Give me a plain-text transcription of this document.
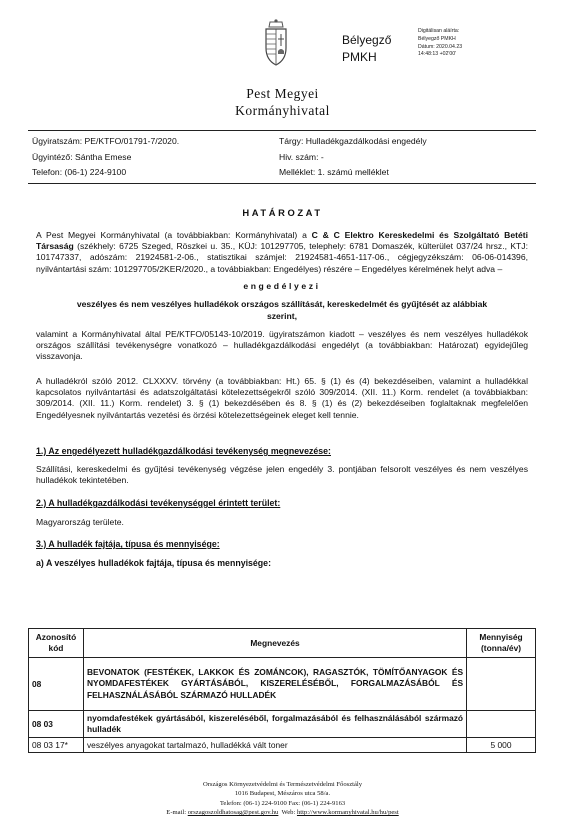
Pest Megyei
Kormányhivatal
Bélyegző
PMKH
Digitálisan aláírta:
Bélyegző PMKH
Dátum: 2020.04.23
14:48:13 +02'00'
Ügyiratszám: PE/KTFO/01791-7/2020.
Ügyintéző: Sántha Emese
Telefon: (06-1) 224-9100
Tárgy: Hulladékgazdálkodási engedély
Hiv. szám: -
Melléklet: 1. számú melléklet
HATÁROZAT
A Pest Megyei Kormányhivatal (a továbbiakban: Kormányhivatal) a C & C Elektro Kereskedelmi és Szolgáltató Betéti Társaság (székhely: 6725 Szeged, Röszkei u. 35., KÜJ: 101297705, telephely: 6781 Domaszék, külterület 037/24 hrsz., KTJ: 101747337, adószám: 21924581-2-06., statisztikai számjel: 21924581-4651-117-06., cégjegyzékszám: 06-06-014396, nyilvántartási szám: 101297705/2KER/2020., a továbbiakban: Engedélyes) részére – Engedélyes kérelmének helyt adva –
engedélyezi
veszélyes és nem veszélyes hulladékok országos szállítását, kereskedelmét és gyűjtését az alábbiak szerint,
valamint a Kormányhivatal által PE/KTFO/05143-10/2019. ügyiratszámon kiadott – veszélyes és nem veszélyes hulladékok országos szállítási tevékenységre vonatkozó – hulladékgazdálkodási engedélyt (a továbbiakban: Határozat) egyidejűleg visszavonja.
A hulladékról szóló 2012. CLXXXV. törvény (a továbbiakban: Ht.) 65. § (1) és (4) bekezdéseiben, valamint a hulladékkal kapcsolatos nyilvántartási és adatszolgáltatási kötelezettségekről szóló 309/2014. (XII. 11.) Korm. rendelet (a továbbiakban: 309/2014. (XII. 11.) Korm. rendelet) 3. § (1) bekezdésében és 8. § (1) és (2) bekezdéseiben foglaltaknak megfelelően Engedélyesnek nyilvántartás vezetési és örzési kötelezettségeinek eleget kell tennie.
1.) Az engedélyezett hulladékgazdálkodási tevékenység megnevezése:
Szállítási, kereskedelmi és gyűjtési tevékenység végzése jelen engedély 3. pontjában felsorolt veszélyes és nem veszélyes hulladékok tekintetében.
2.) A hulladékgazdálkodási tevékenységgel érintett terület:
Magyarország területe.
3.) A hulladék fajtája, típusa és mennyisége:
a) A veszélyes hulladékok fajtája, típusa és mennyisége:
Azonosító kód	Megnevezés	Mennyiség (tonna/év)
08	BEVONATOK (FESTÉKEK, LAKKOK ÉS ZOMÁNCOK), RAGASZTÓK, TÖMÍTŐANYAGOK ÉS NYOMDAFESTÉKEK GYÁRTÁSÁBÓL, KISZERELÉSÉBŐL, FORGALMAZÁSÁBÓL ÉS FELHASZNÁLÁSÁBÓL SZÁRMAZÓ HULLADÉK	
08 03	nyomdafestékek gyártásából, kiszereléséből, forgalmazásából és felhasználásából származó hulladék	
08 03 17*	veszélyes anyagokat tartalmazó, hulladékká vált toner	5 000
Országos Környezetvédelmi és Természetvédelmi Főosztály
1016 Budapest, Mészáros utca 58/a.
Telefon: (06-1) 224-9100 Fax: (06-1) 224-9163
E-mail: orszagoszoldhatosag@pest.gov.hu  Web: http://www.kormanyhivatal.hu/hu/pest
